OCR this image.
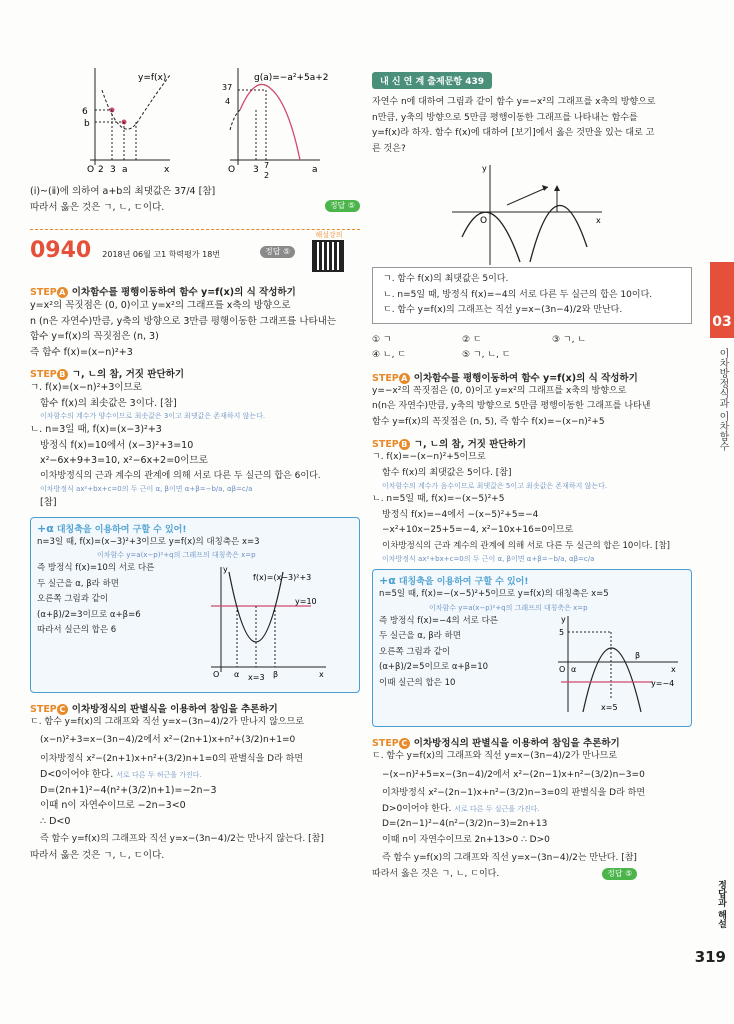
y=f(x)
6
b
O 2 3 a	x
g(a)=−a²+5a+2
37
4
O 3 7
2
a

(ⅰ)~(ⅱ)에 의하여 a+b의 최댓값은 37/4 [참]

따라서 옳은 것은 ㄱ, ㄴ, ㄷ이다.	정답 ⑤

0940 2018년 06월 고1 학력평가 18번	정답 ⑤
해설강의
STEP A 이차함수를 평행이동하여 함수 y=f(x)의 식 작성하기

y=x²의 꼭짓점은 (0, 0)이고 y=x²의 그래프를 x축의 방향으로

n (n은 자연수)만큼, y축의 방향으로 3만큼 평행이동한 그래프를 나타내는

함수 y=f(x)의 꼭짓점은 (n, 3)

즉 함수 f(x)=(x−n)²+3

STEP B ㄱ, ㄴ의 참, 거짓 판단하기

ㄱ. f(x)=(x−n)²+3이므로

함수 f(x)의 최솟값은 3이다. [참]

이차함수의 계수가 양수이므로 최솟값은 3이고 최댓값은 존재하지 않는다.

ㄴ. n=3일 때, f(x)=(x−3)²+3

방정식 f(x)=10에서 (x−3)²+3=10

x²−6x+9+3=10, x²−6x+2=0이므로

이차방정식의 근과 계수의 관계에 의해 서로 다른 두 실근의 합은 6이다.

이차방정식 ax²+bx+c=0의 두 근이 α, β이면 α+β=−b/a, αβ=c/a

[참]

+α 대칭축을 이용하여 구할 수 있어!

n=3일 때, f(x)=(x−3)²+3이므로 y=f(x)의 대칭축은 x=3

이차함수 y=a(x−p)²+q의 그래프의 대칭축은 x=p

즉 방정식 f(x)=10의 서로 다른

두 실근을 α, β라 하면

오른쪽 그림과 같이

(α+β)/2=3이므로 α+β=6

따라서 실근의 합은 6

f(x)=(x−3)²+3
y=10
O α x=3 β	x
y
STEP C 이차방정식의 판별식을 이용하여 참임을 추론하기

ㄷ. 함수 y=f(x)의 그래프와 직선 y=x−(3n−4)/2가 만나지 않으므로

(x−n)²+3=x−(3n−4)/2에서 x²−(2n+1)x+n²+(3/2)n+1=0

이차방정식 x²−(2n+1)x+n²+(3/2)n+1=0의 판별식을 D라 하면

D<0이어야 한다. 서로 다른 두 허근을 가진다.

D=(2n+1)²−4(n²+(3/2)n+1)=−2n−3

이때 n이 자연수이므로 −2n−3<0

∴ D<0

즉 함수 y=f(x)의 그래프와 직선 y=x−(3n−4)/2는 만나지 않는다. [참]

따라서 옳은 것은 ㄱ, ㄴ, ㄷ이다.

내 신 연 계 출제문항 439

자연수 n에 대하여 그림과 같이 함수 y=−x²의 그래프를 x축의 방향으로

n만큼, y축의 방향으로 5만큼 평행이동한 그래프를 나타내는 함수를

y=f(x)라 하자. 함수 f(x)에 대하여 [보기]에서 옳은 것만을 있는 대로 고

른 것은?

y
O	x

ㄱ. 함수 f(x)의 최댓값은 5이다.

ㄴ. n=5일 때, 방정식 f(x)=−4의 서로 다른 두 실근의 합은 10이다.

ㄷ. 함수 y=f(x)의 그래프는 직선 y=x−(3n−4)/2와 만난다.

① ㄱ	② ㄷ	③ ㄱ, ㄴ
④ ㄴ, ㄷ	⑤ ㄱ, ㄴ, ㄷ
STEP A 이차함수를 평행이동하여 함수 y=f(x)의 식 작성하기

y=−x²의 꼭짓점은 (0, 0)이고 y=x²의 그래프를 x축의 방향으로

n(n은 자연수)만큼, y축의 방향으로 5만큼 평행이동한 그래프를 나타낸

함수 y=f(x)의 꼭짓점은 (n, 5), 즉 함수 f(x)=−(x−n)²+5

STEP B ㄱ, ㄴ의 참, 거짓 판단하기

ㄱ. f(x)=−(x−n)²+5이므로

함수 f(x)의 최댓값은 5이다. [참]

이차함수의 계수가 음수이므로 최댓값은 5이고 최솟값은 존재하지 않는다.

ㄴ. n=5일 때, f(x)=−(x−5)²+5

방정식 f(x)=−4에서 −(x−5)²+5=−4

−x²+10x−25+5=−4, x²−10x+16=0이므로

이차방정식의 근과 계수의 관계에 의해 서로 다른 두 실근의 합은 10이다. [참]

이차방정식 ax²+bx+c=0의 두 근이 α, β이면 α+β=−b/a, αβ=c/a

+α 대칭축을 이용하여 구할 수 있어!

n=5일 때, f(x)=−(x−5)²+5이므로 y=f(x)의 대칭축은 x=5

이차함수 y=a(x−p)²+q의 그래프의 대칭축은 x=p

즉 방정식 f(x)=−4의 서로 다른

두 실근을 α, β라 하면

오른쪽 그림과 같이

(α+β)/2=5이므로 α+β=10

이때 실근의 합은 10

y
5
O α
β
x
x=5
y=−4
STEP C 이차방정식의 판별식을 이용하여 참임을 추론하기

ㄷ. 함수 y=f(x)의 그래프와 직선 y=x−(3n−4)/2가 만나므로

−(x−n)²+5=x−(3n−4)/2에서 x²−(2n−1)x+n²−(3/2)n−3=0

이차방정식 x²−(2n−1)x+n²−(3/2)n−3=0의 판별식을 D라 하면

D>0이어야 한다. 서로 다른 두 실근을 가진다.

D=(2n−1)²−4(n²−(3/2)n−3)=2n+13

이때 n이 자연수이므로 2n+13>0 ∴ D>0

즉 함수 y=f(x)의 그래프와 직선 y=x−(3n−4)/2는 만난다. [참]

따라서 옳은 것은 ㄱ, ㄴ, ㄷ이다.	정답 ⑤

03
이차방정식과 이차함수
정답과 해설
319
